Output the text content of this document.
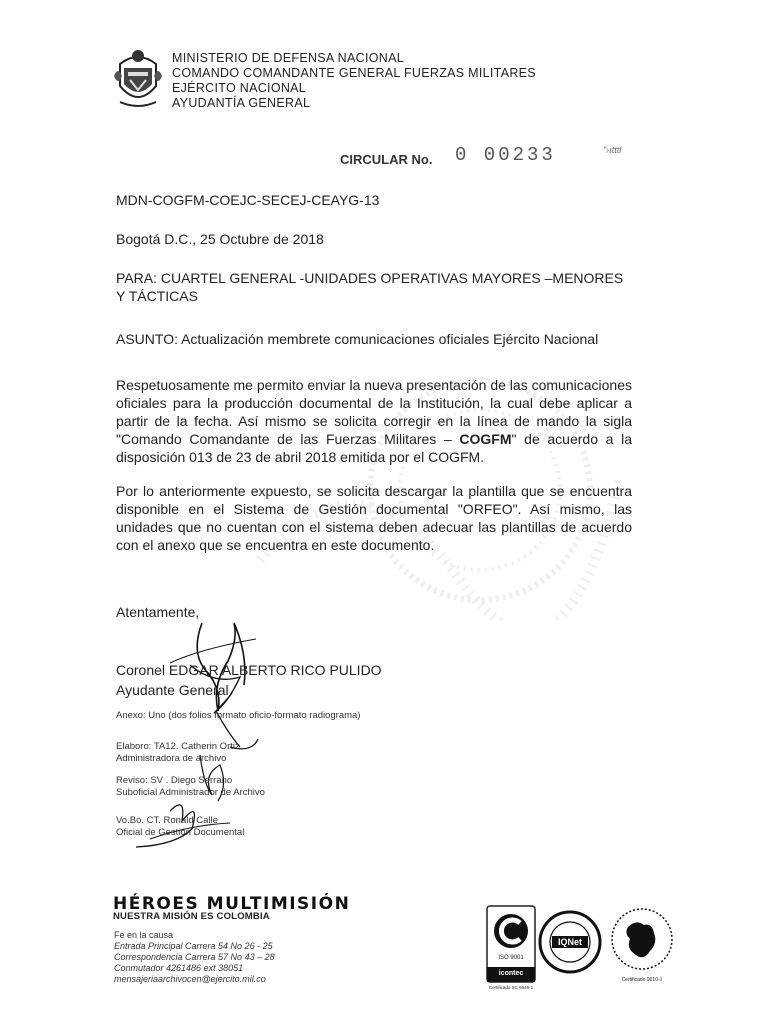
MINISTERIO DE DEFENSA NACIONAL
COMANDO COMANDANTE GENERAL FUERZAS MILITARES
EJÉRCITO NACIONAL
AYUDANTÍA GENERAL
CIRCULAR No. 0 00233	"›ıtttl
MDN-COGFM-COEJC-SECEJ-CEAYG-13
Bogotá D.C., 25 Octubre de 2018
PARA: CUARTEL GENERAL -UNIDADES OPERATIVAS MAYORES –MENORES
Y TÁCTICAS
ASUNTO: Actualización membrete comunicaciones oficiales Ejército Nacional
Respetuosamente me permito enviar la nueva presentación de las comunicaciones oficiales para la producción documental de la Institución, la cual debe aplicar a partir de la fecha. Así mismo se solicita corregir en la línea de mando la sigla "Comando Comandante de las Fuerzas Militares – COGFM" de acuerdo a la disposición 013 de 23 de abril 2018 emitida por el COGFM.
Por lo anteriormente expuesto, se solicita descargar la plantilla que se encuentra disponible en el Sistema de Gestión documental "ORFEO". Así mismo, las unidades que no cuentan con el sistema deben adecuar las plantillas de acuerdo con el anexo que se encuentra en este documento.
Atentamente,
Coronel EDGAR ALBERTO RICO PULIDO
Ayudante General
Anexo: Uno (dos folios formato oficio-formato radiograma)
Elaboro: TA12. Catherin Ortiz
Administradora de archivo
Reviso: SV . Diego Serrano
Suboficial Administrador de Archivo
Vo.Bo. CT. Ronald Calle
Oficial de Gestión Documental
HÉROES MULTIMISIÓN
NUESTRA MISIÓN ES COLOMBIA
Fe en la causa
Entrada Principal Carrera 54 No 26 - 25
Correspondencia Carrera 57 No 43 – 28
Conmutador 4261486 ext 38051
mensajeriaarchivocen@ejercito.mil.co
ISO 9001
icontec
Certificado SC 6545-1
IQNet
Certificado 9010-1
